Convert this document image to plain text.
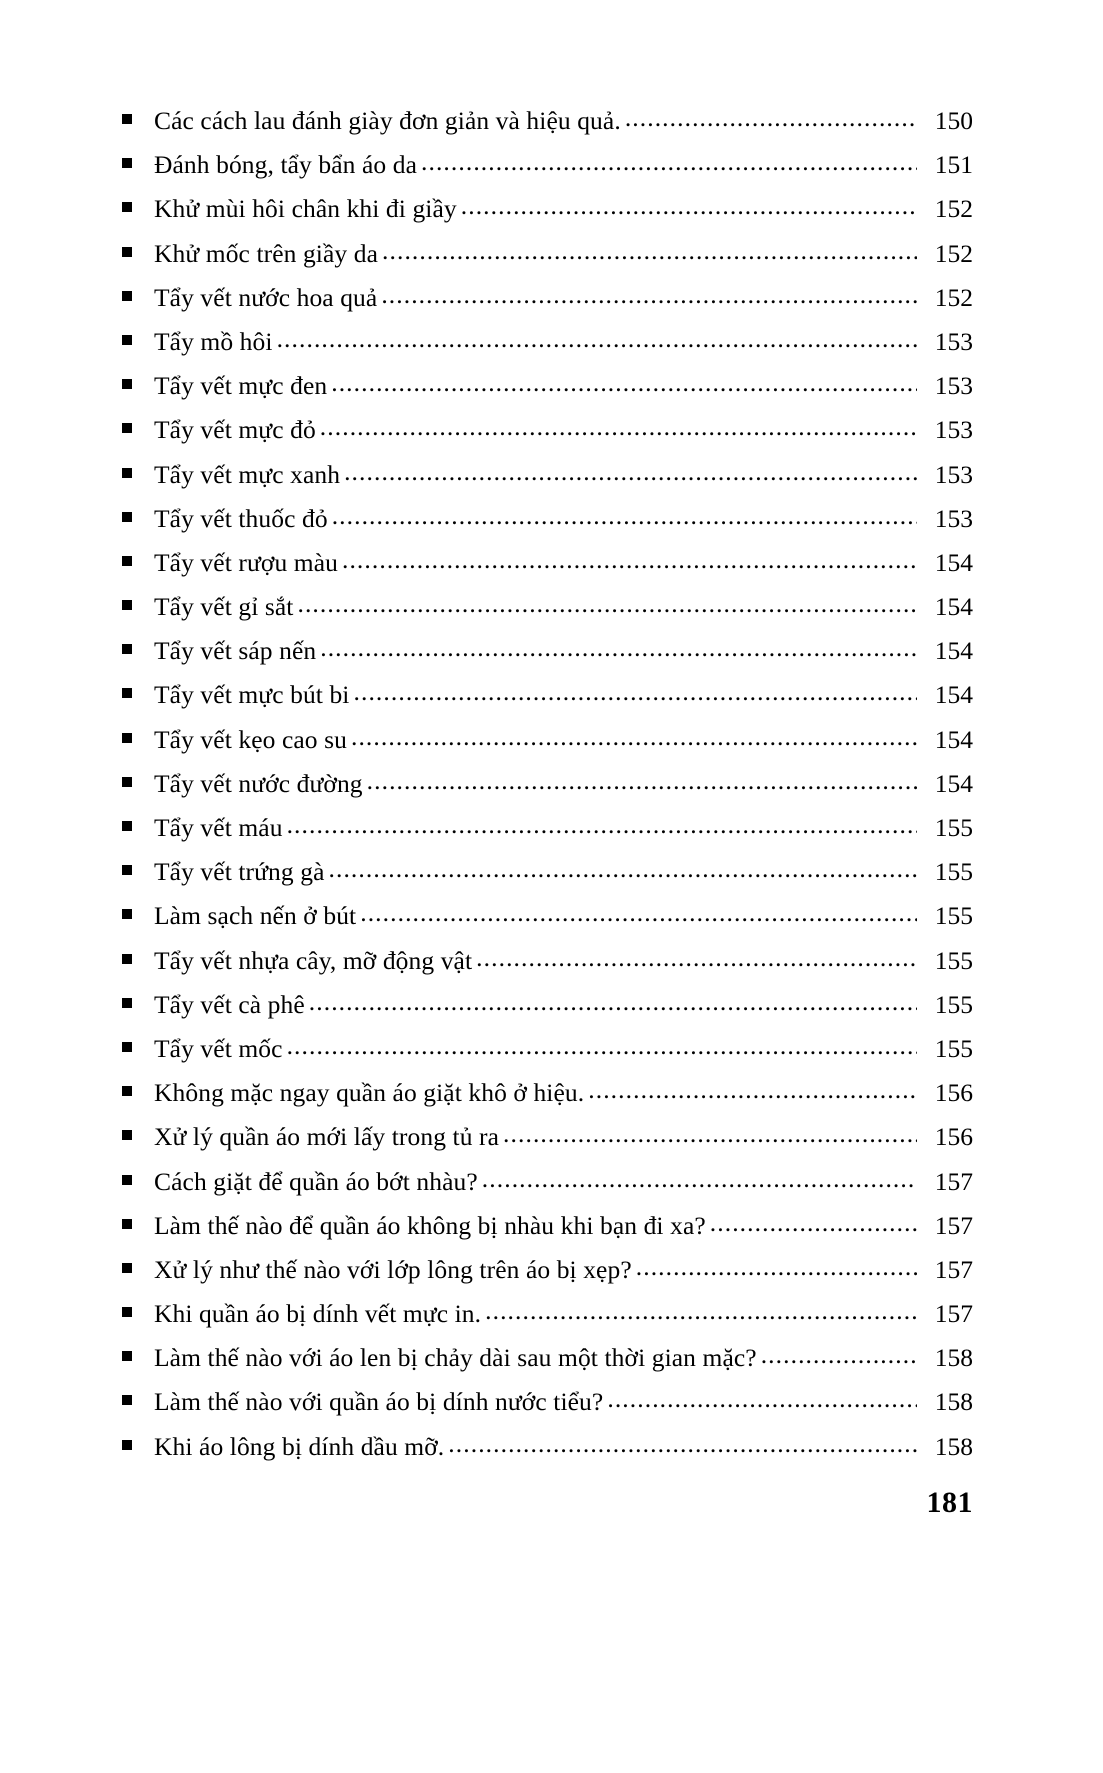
Các cách lau đánh giày đơn giản và hiệu quả. .....	150
Đánh bóng, tẩy bẩn áo da .....	151
Khử mùi hôi chân khi đi giầy .....	152
Khử mốc trên giầy da .....	152
Tẩy vết nước hoa quả .....	152
Tẩy mồ hôi .....	153
Tẩy vết mực đen .....	153
Tẩy vết mực đỏ .....	153
Tẩy vết mực xanh .....	153
Tẩy vết thuốc đỏ .....	153
Tẩy vết rượu màu .....	154
Tẩy vết gỉ sắt .....	154
Tẩy vết sáp nến .....	154
Tẩy vết mực bút bi .....	154
Tẩy vết kẹo cao su .....	154
Tẩy vết nước đường .....	154
Tẩy vết máu .....	155
Tẩy vết trứng gà .....	155
Làm sạch nến ở bút .....	155
Tẩy vết nhựa cây, mỡ động vật .....	155
Tẩy vết cà phê .....	155
Tẩy vết mốc .....	155
Không mặc ngay quần áo giặt khô ở hiệu. .....	156
Xử lý quần áo mới lấy trong tủ ra .....	156
Cách giặt để quần áo bớt nhàu? .....	157
Làm thế nào để quần áo không bị nhàu khi bạn đi xa? .....	157
Xử lý như thế nào với lớp lông trên áo bị xẹp? .....	157
Khi quần áo bị dính vết mực in. .....	157
Làm thế nào với áo len bị chảy dài sau một thời gian mặc? .....	158
Làm thế nào với quần áo bị dính nước tiểu? .....	158
Khi áo lông bị dính dầu mỡ. .....	158
181
